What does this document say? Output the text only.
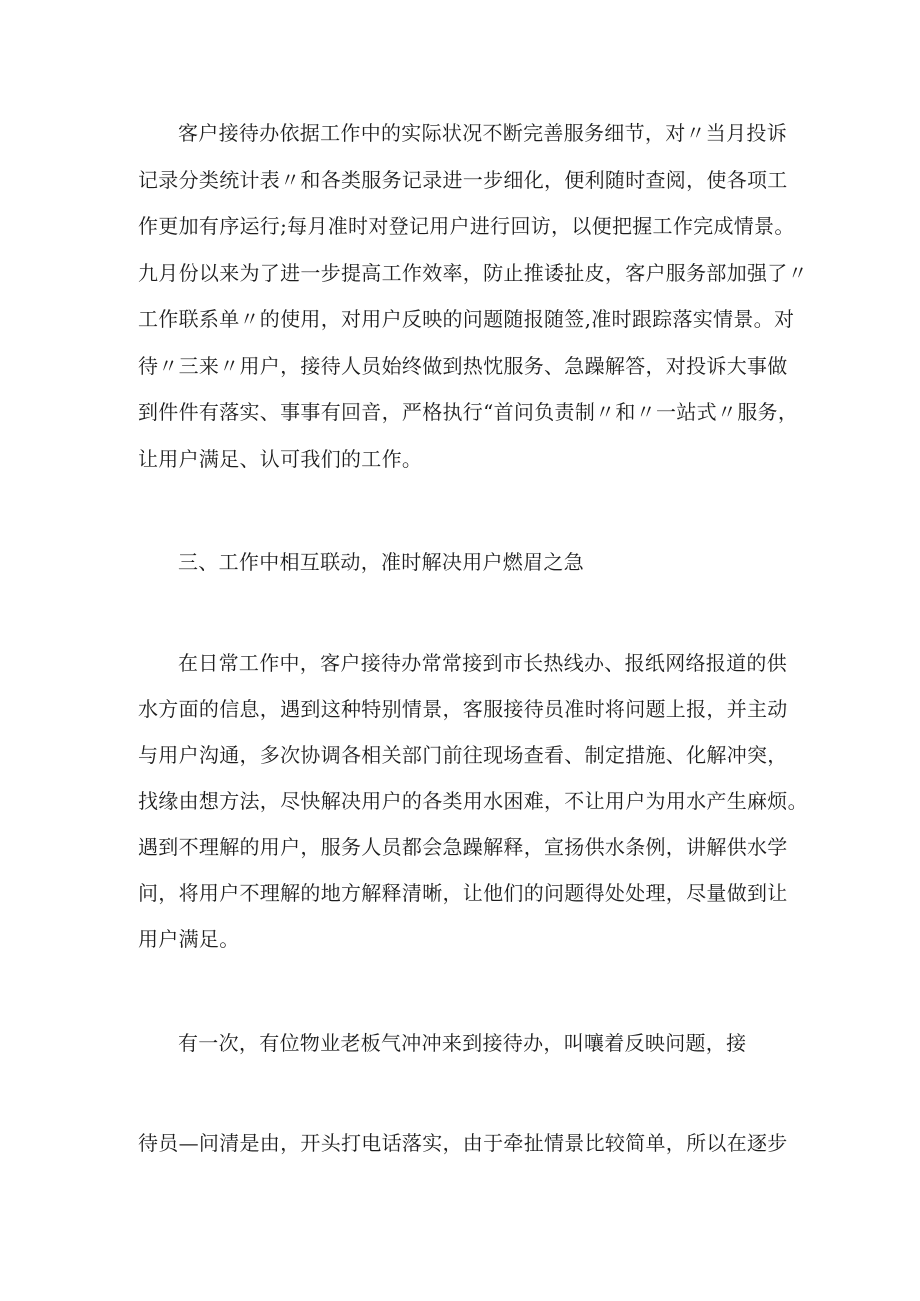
客户接待办依据工作中的实际状况不断完善服务细节，对〃当月投诉
记录分类统计表〃和各类服务记录进一步细化，便利随时查阅，使各项工
作更加有序运行;每月准时对登记用户进行回访，以便把握工作完成情景。
九月份以来为了进一步提高工作效率，防止推诿扯皮，客户服务部加强了〃
工作联系单〃的使用，对用户反映的问题随报随签,准时跟踪落实情景。对
待〃三来〃用户，接待人员始终做到热忱服务、急躁解答，对投诉大事做
到件件有落实、事事有回音，严格执行“首问负责制〃和〃一站式〃服务，
让用户满足、认可我们的工作。
三、工作中相互联动，准时解决用户燃眉之急
在日常工作中，客户接待办常常接到市长热线办、报纸网络报道的供
水方面的信息，遇到这种特别情景，客服接待员准时将问题上报，并主动
与用户沟通，多次协调各相关部门前往现场查看、制定措施、化解冲突，
找缘由想方法，尽快解决用户的各类用水困难，不让用户为用水产生麻烦。
遇到不理解的用户，服务人员都会急躁解释，宣扬供水条例，讲解供水学
问，将用户不理解的地方解释清晰，让他们的问题得处处理，尽量做到让
用户满足。
有一次，有位物业老板气冲冲来到接待办，叫嚷着反映问题，接
待员—问清是由，开头打电话落实，由于牵扯情景比较简单，所以在逐步
